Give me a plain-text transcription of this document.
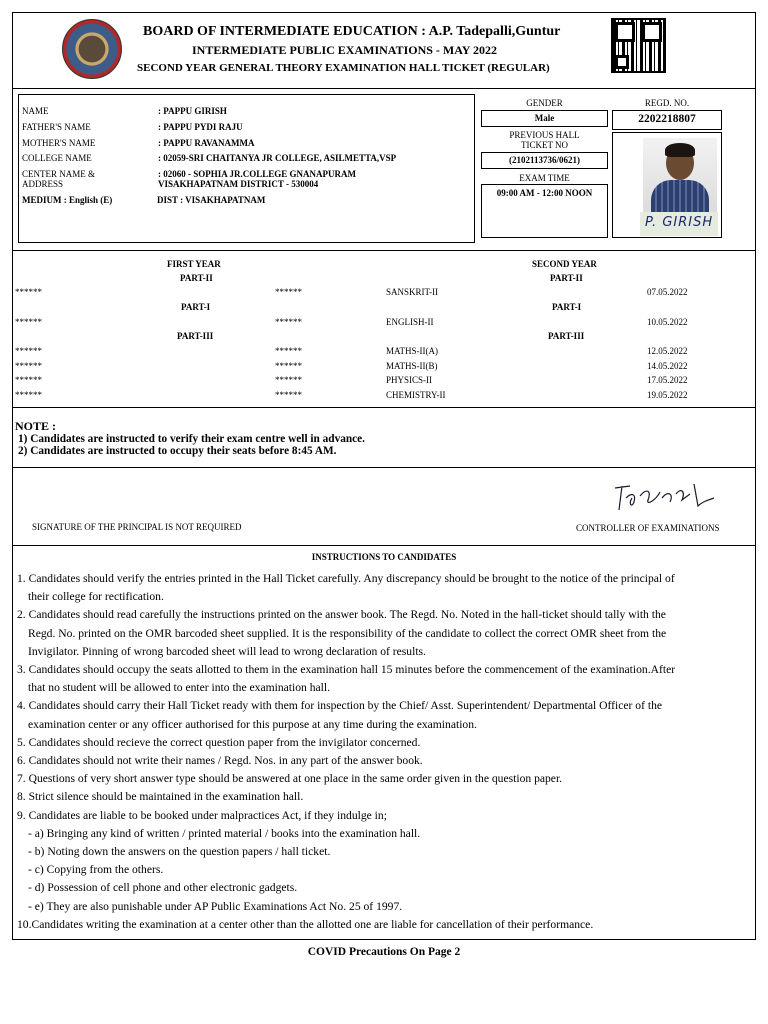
BOARD OF INTERMEDIATE EDUCATION : A.P. Tadepalli,Guntur
INTERMEDIATE PUBLIC EXAMINATIONS - MAY 2022
SECOND YEAR GENERAL THEORY EXAMINATION HALL TICKET (REGULAR)
NAME	: PAPPU GIRISH
FATHER'S NAME	: PAPPU PYDI RAJU
MOTHER'S NAME	: PAPPU RAVANAMMA
COLLEGE NAME	: 02059-SRI CHAITANYA JR COLLEGE, ASILMETTA,VSP
CENTER NAME &
ADDRESS
: 02060 - SOPHIA JR.COLLEGE GNANAPURAM
VISAKHAPATNAM DISTRICT - 530004
MEDIUM : English (E)	DIST : VISAKHAPATNAM
GENDER
Male
REGD. NO.
2202218807
PREVIOUS HALL
TICKET NO
(2102113736/0621)
EXAM TIME
09:00 AM - 12:00 NOON
P. GIRISH
FIRST YEAR	SECOND YEAR
PART-II	PART-II
******	******	SANSKRIT-II	07.05.2022
PART-I	PART-I
******	******	ENGLISH-II	10.05.2022
PART-III	PART-III
******	******	MATHS-II(A)	12.05.2022
******	******	MATHS-II(B)	14.05.2022
******	******	PHYSICS-II	17.05.2022
******	******	CHEMISTRY-II	19.05.2022
NOTE :
1) Candidates are instructed to verify their exam centre well in advance.
2) Candidates are instructed to occupy their seats before 8:45 AM.
SIGNATURE OF THE PRINCIPAL IS NOT REQUIRED	CONTROLLER OF EXAMINATIONS
INSTRUCTIONS TO CANDIDATES
1. Candidates should verify the entries printed in the Hall Ticket carefully. Any discrepancy should be brought to the notice of the principal of
their college for rectification.
2. Candidates should read carefully the instructions printed on the answer book. The Regd. No. Noted in the hall-ticket should tally with the
Regd. No. printed on the OMR barcoded sheet supplied. It is the responsibility of the candidate to collect the correct OMR sheet from the
Invigilator. Pinning of wrong barcoded sheet will lead to wrong declaration of results.
3. Candidates should occupy the seats allotted to them in the examination hall 15 minutes before the commencement of the examination.After
that no student will be allowed to enter into the examination hall.
4. Candidates should carry their Hall Ticket ready with them for inspection by the Chief/ Asst. Superintendent/ Departmental Officer of the
examination center or any officer authorised for this purpose at any time during the examination.
5. Candidates should recieve the correct question paper from the invigilator concerned.
6. Candidates should not write their names / Regd. Nos. in any part of the answer book.
7. Questions of very short answer type should be answered at one place in the same order given in the question paper.
8. Strict silence should be maintained in the examination hall.
9. Candidates are liable to be booked under malpractices Act, if they indulge in;
- a) Bringing any kind of written / printed material / books into the examination hall.
- b) Noting down the answers on the question papers / hall ticket.
- c) Copying from the others.
- d) Possession of cell phone and other electronic gadgets.
- e) They are also punishable under AP Public Examinations Act No. 25 of 1997.
10.Candidates writing the examination at a center other than the allotted one are liable for cancellation of their performance.
COVID Precautions On Page 2
